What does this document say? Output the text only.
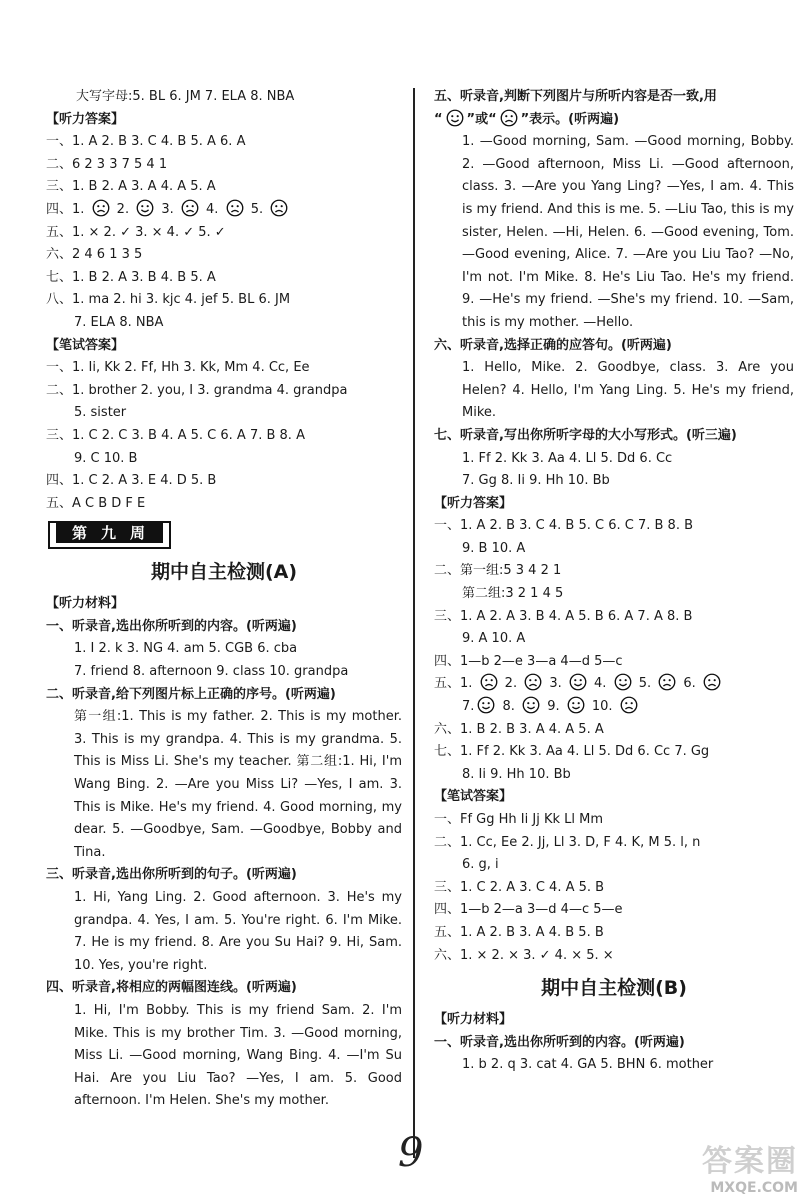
大写字母:5. BL 6. JM 7. ELA 8. NBA
【听力答案】
一、1. A 2. B 3. C 4. B 5. A 6. A
二、6 2 3 3 7 5 4 1
三、1. B 2. A 3. A 4. A 5. A
四、1.  2.  3.  4.  5.
五、1. × 2. ✓ 3. × 4. ✓ 5. ✓
六、2 4 6 1 3 5
七、1. B 2. A 3. B 4. B 5. A
八、1. ma 2. hi 3. kjc 4. jef 5. BL 6. JM
7. ELA 8. NBA
【笔试答案】
一、1. Ii, Kk 2. Ff, Hh 3. Kk, Mm 4. Cc, Ee
二、1. brother 2. you, I 3. grandma 4. grandpa
5. sister
三、1. C 2. C 3. B 4. A 5. C 6. A 7. B 8. A
9. C 10. B
四、1. C 2. A 3. E 4. D 5. B
五、A C B D F E
第九周
期中自主检测(A)
【听力材料】
一、听录音,选出你所听到的内容。(听两遍)
1. I 2. k 3. NG 4. am 5. CGB 6. cba
7. friend 8. afternoon 9. class 10. grandpa
二、听录音,给下列图片标上正确的序号。(听两遍)
第一组:1. This is my father. 2. This is my mother. 3. This is my grandpa. 4. This is my grandma. 5. This is Miss Li. She's my teacher. 第二组:1. Hi, I'm Wang Bing. 2. —Are you Miss Li? —Yes, I am. 3. This is Mike. He's my friend. 4. Good morning, my dear. 5. —Goodbye, Sam. —Goodbye, Bobby and Tina.
三、听录音,选出你所听到的句子。(听两遍)
1. Hi, Yang Ling. 2. Good afternoon. 3. He's my grandpa. 4. Yes, I am. 5. You're right. 6. I'm Mike. 7. He is my friend. 8. Are you Su Hai? 9. Hi, Sam. 10. Yes, you're right.
四、听录音,将相应的两幅图连线。(听两遍)
1. Hi, I'm Bobby. This is my friend Sam. 2. I'm Mike. This is my brother Tim. 3. —Good morning, Miss Li. —Good morning, Wang Bing. 4. —I'm Su Hai. Are you Liu Tao? —Yes, I am. 5. Good afternoon. I'm Helen. She's my mother.
五、听录音,判断下列图片与所听内容是否一致,用
“ ”或“ ”表示。(听两遍)
1. —Good morning, Sam. —Good morning, Bobby. 2. —Good afternoon, Miss Li. —Good afternoon, class. 3. —Are you Yang Ling? —Yes, I am. 4. This is my friend. And this is me. 5. —Liu Tao, this is my sister, Helen. —Hi, Helen. 6. —Good evening, Tom. —Good evening, Alice. 7. —Are you Liu Tao? —No, I'm not. I'm Mike. 8. He's Liu Tao. He's my friend. 9. —He's my friend. —She's my friend. 10. —Sam, this is my mother. —Hello.
六、听录音,选择正确的应答句。(听两遍)
1. Hello, Mike. 2. Goodbye, class. 3. Are you Helen? 4. Hello, I'm Yang Ling. 5. He's my friend, Mike.
七、听录音,写出你所听字母的大小写形式。(听三遍)
1. Ff 2. Kk 3. Aa 4. Ll 5. Dd 6. Cc
7. Gg 8. Ii 9. Hh 10. Bb
【听力答案】
一、1. A 2. B 3. C 4. B 5. C 6. C 7. B 8. B
9. B 10. A
二、第一组:5 3 4 2 1
第二组:3 2 1 4 5
三、1. A 2. A 3. B 4. A 5. B 6. A 7. A 8. B
9. A 10. A
四、1—b 2—e 3—a 4—d 5—c
五、1.  2.  3.  4.  5.  6.
7. 8.  9.  10.
六、1. B 2. B 3. A 4. A 5. A
七、1. Ff 2. Kk 3. Aa 4. Ll 5. Dd 6. Cc 7. Gg
8. Ii 9. Hh 10. Bb
【笔试答案】
一、Ff Gg Hh Ii Jj Kk Ll Mm
二、1. Cc, Ee 2. Jj, Ll 3. D, F 4. K, M 5. l, n
6. g, i
三、1. C 2. A 3. C 4. A 5. B
四、1—b 2—a 3—d 4—c 5—e
五、1. A 2. B 3. A 4. B 5. B
六、1. × 2. × 3. ✓ 4. × 5. ×
期中自主检测(B)
【听力材料】
一、听录音,选出你所听到的内容。(听两遍)
1. b 2. q 3. cat 4. GA 5. BHN 6. mother
9	答案圈
MXQE.COM
